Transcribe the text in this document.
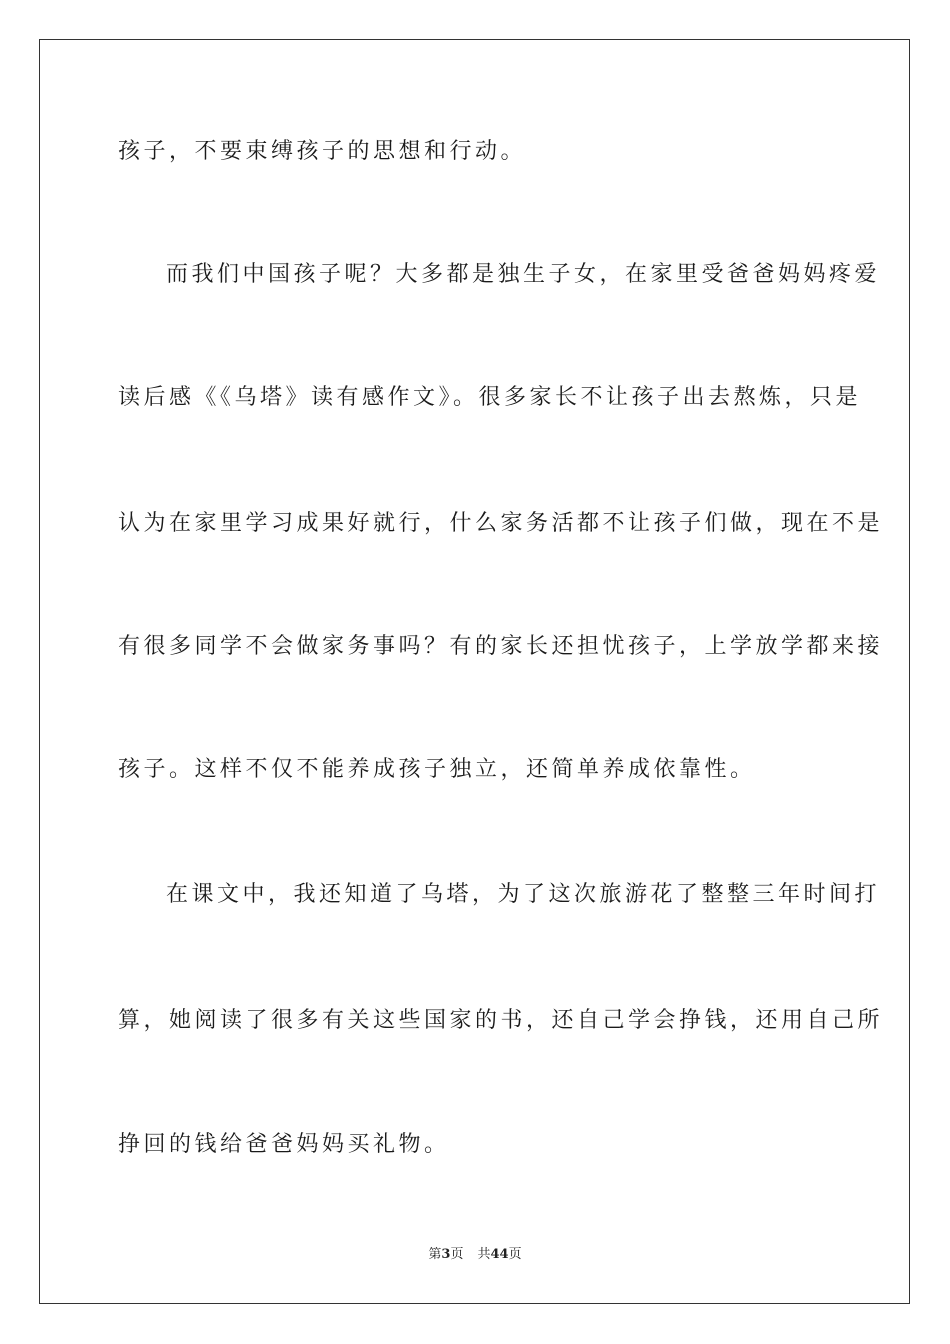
孩子，不要束缚孩子的思想和行动。
而我们中国孩子呢？大多都是独生子女，在家里受爸爸妈妈疼爱
读后感《《乌塔》读有感作文》。很多家长不让孩子出去熬炼，只是
认为在家里学习成果好就行，什么家务活都不让孩子们做，现在不是
有很多同学不会做家务事吗？有的家长还担忧孩子，上学放学都来接
孩子。这样不仅不能养成孩子独立，还简单养成依靠性。
在课文中，我还知道了乌塔，为了这次旅游花了整整三年时间打
算，她阅读了很多有关这些国家的书，还自己学会挣钱，还用自己所
挣回的钱给爸爸妈妈买礼物。
第3页 共44页
